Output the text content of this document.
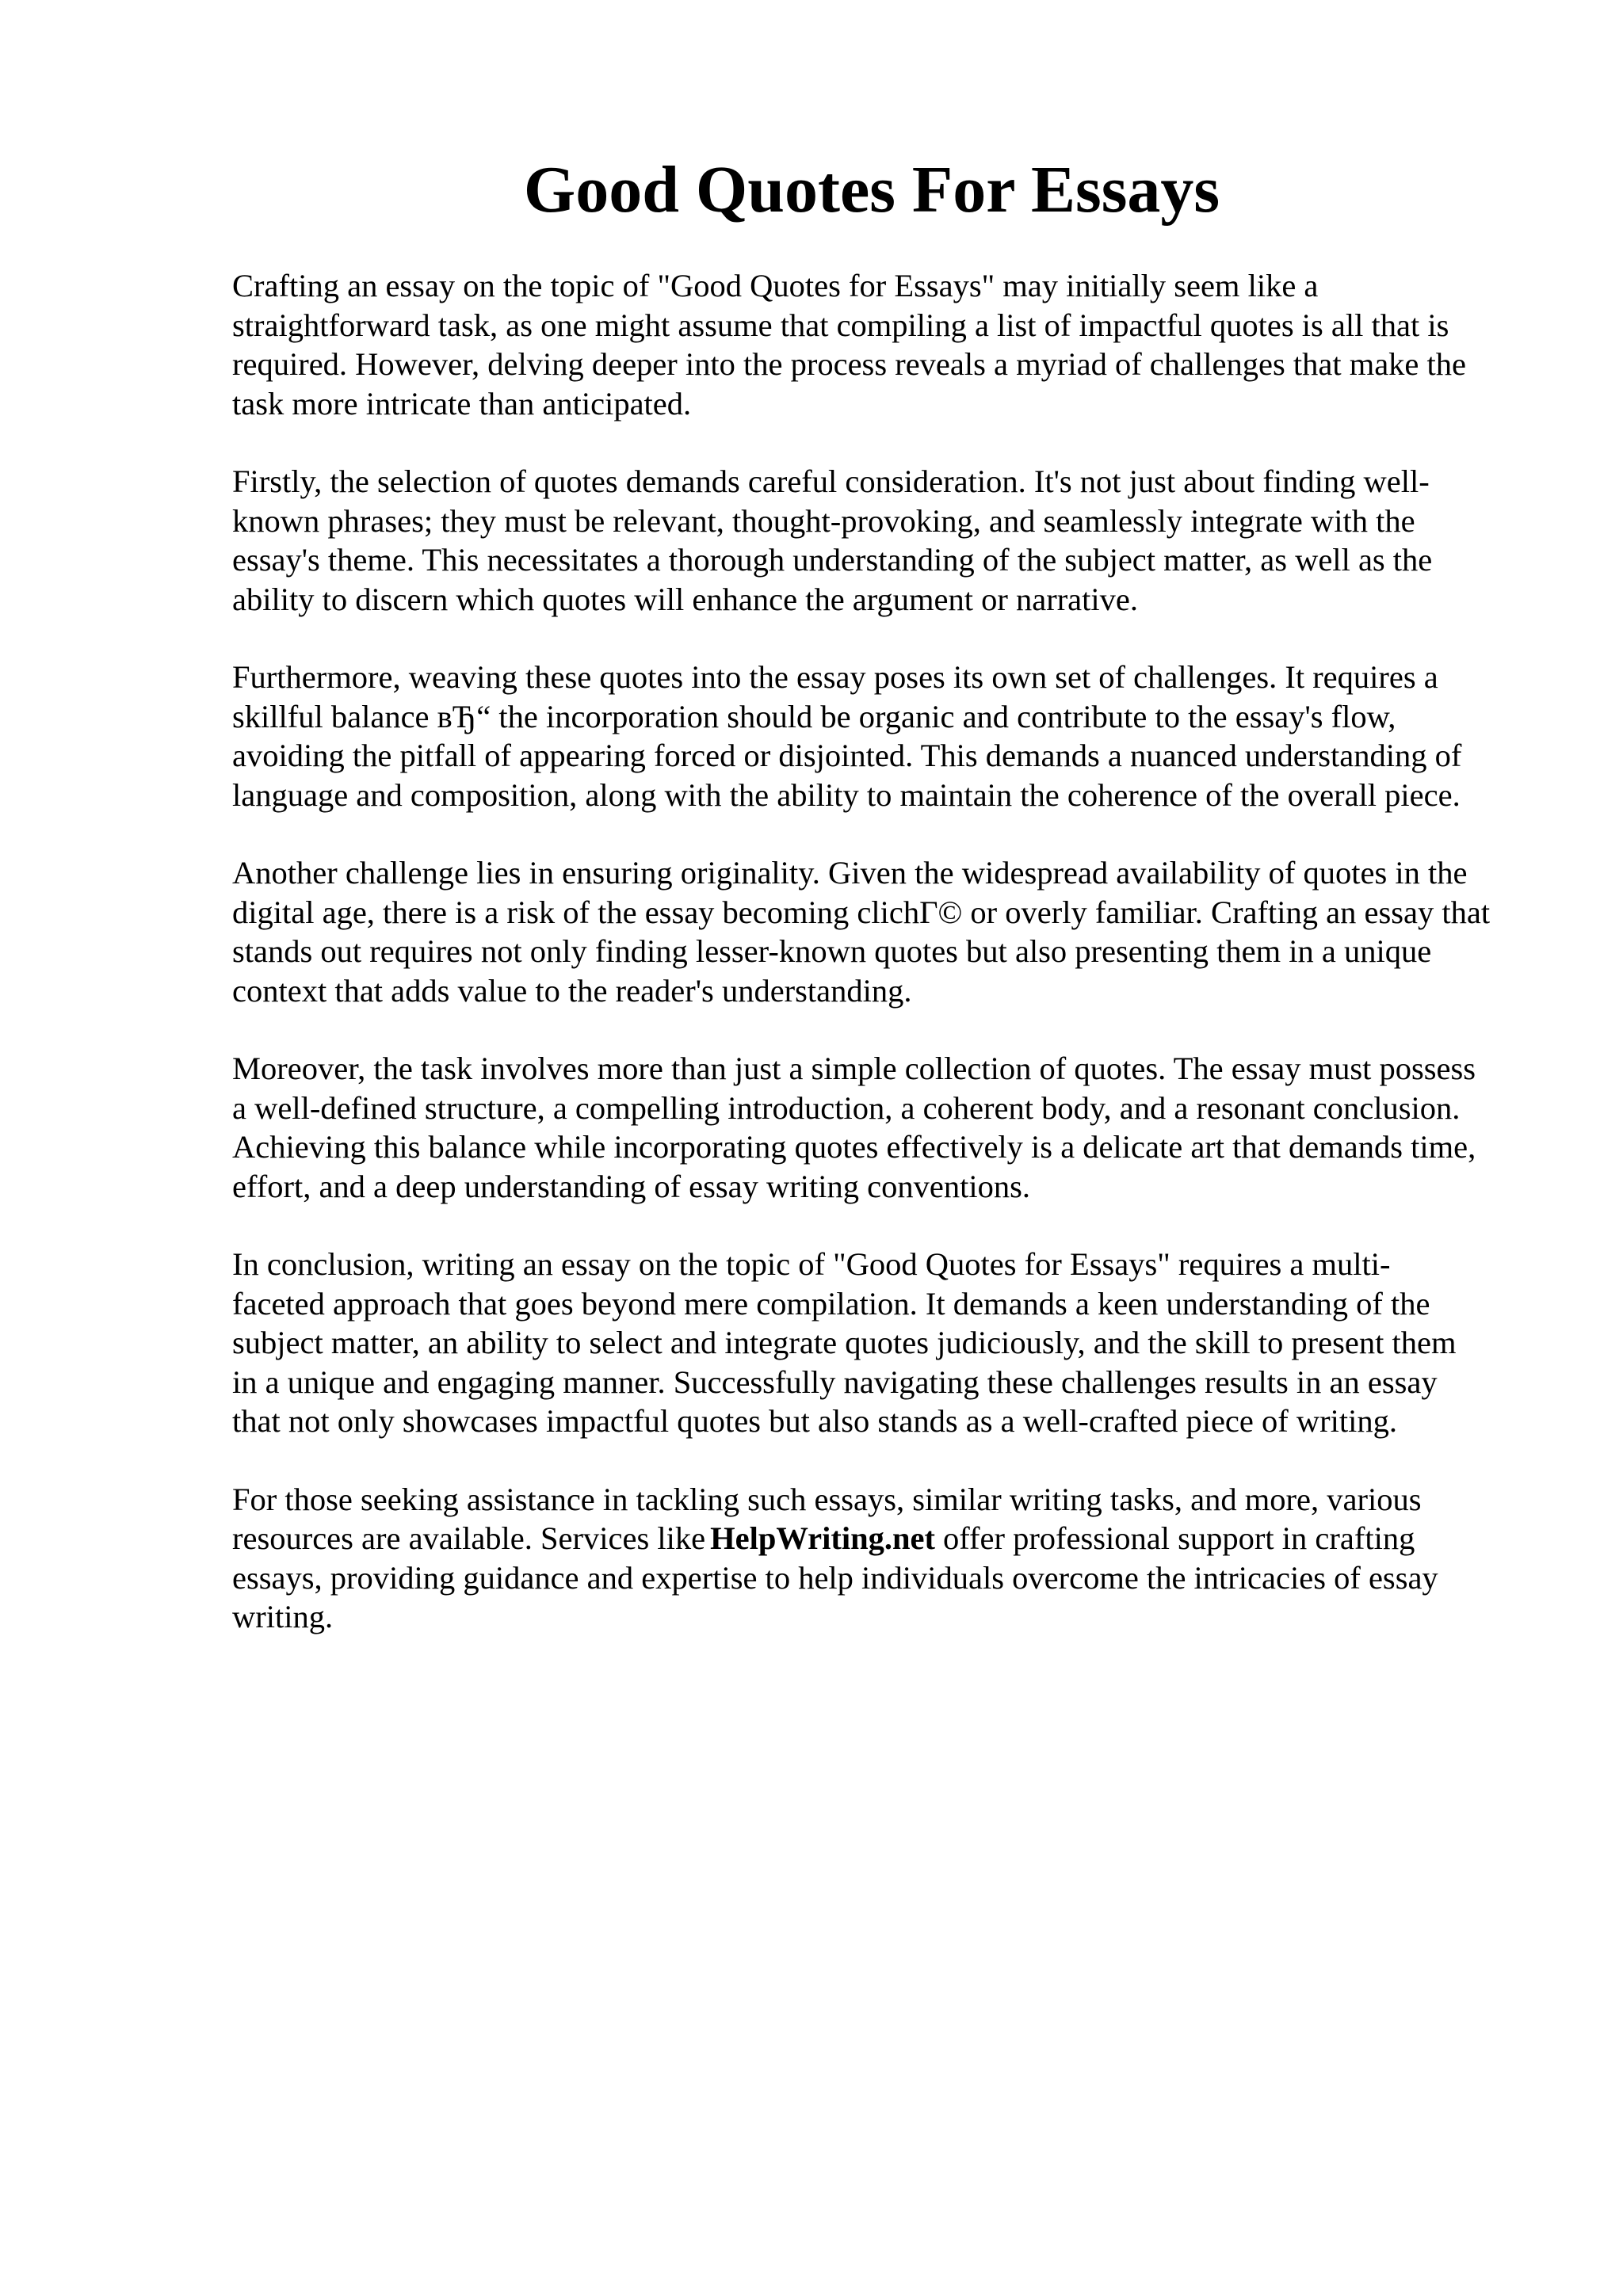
Good Quotes For Essays

Crafting an essay on the topic of "Good Quotes for Essays" may initially seem like a
straightforward task, as one might assume that compiling a list of impactful quotes is all that is
required. However, delving deeper into the process reveals a myriad of challenges that make the
task more intricate than anticipated.

Firstly, the selection of quotes demands careful consideration. It's not just about finding well-
known phrases; they must be relevant, thought-provoking, and seamlessly integrate with the
essay's theme. This necessitates a thorough understanding of the subject matter, as well as the
ability to discern which quotes will enhance the argument or narrative.

Furthermore, weaving these quotes into the essay poses its own set of challenges. It requires a
skillful balance вЂ“ the incorporation should be organic and contribute to the essay's flow,
avoiding the pitfall of appearing forced or disjointed. This demands a nuanced understanding of
language and composition, along with the ability to maintain the coherence of the overall piece.

Another challenge lies in ensuring originality. Given the widespread availability of quotes in the
digital age, there is a risk of the essay becoming clichГ© or overly familiar. Crafting an essay that
stands out requires not only finding lesser-known quotes but also presenting them in a unique
context that adds value to the reader's understanding.

Moreover, the task involves more than just a simple collection of quotes. The essay must possess
a well-defined structure, a compelling introduction, a coherent body, and a resonant conclusion.
Achieving this balance while incorporating quotes effectively is a delicate art that demands time,
effort, and a deep understanding of essay writing conventions.

In conclusion, writing an essay on the topic of "Good Quotes for Essays" requires a multi-
faceted approach that goes beyond mere compilation. It demands a keen understanding of the
subject matter, an ability to select and integrate quotes judiciously, and the skill to present them
in a unique and engaging manner. Successfully navigating these challenges results in an essay
that not only showcases impactful quotes but also stands as a well-crafted piece of writing.

For those seeking assistance in tackling such essays, similar writing tasks, and more, various
resources are available. Services like HelpWriting.net offer professional support in crafting
essays, providing guidance and expertise to help individuals overcome the intricacies of essay
writing.
